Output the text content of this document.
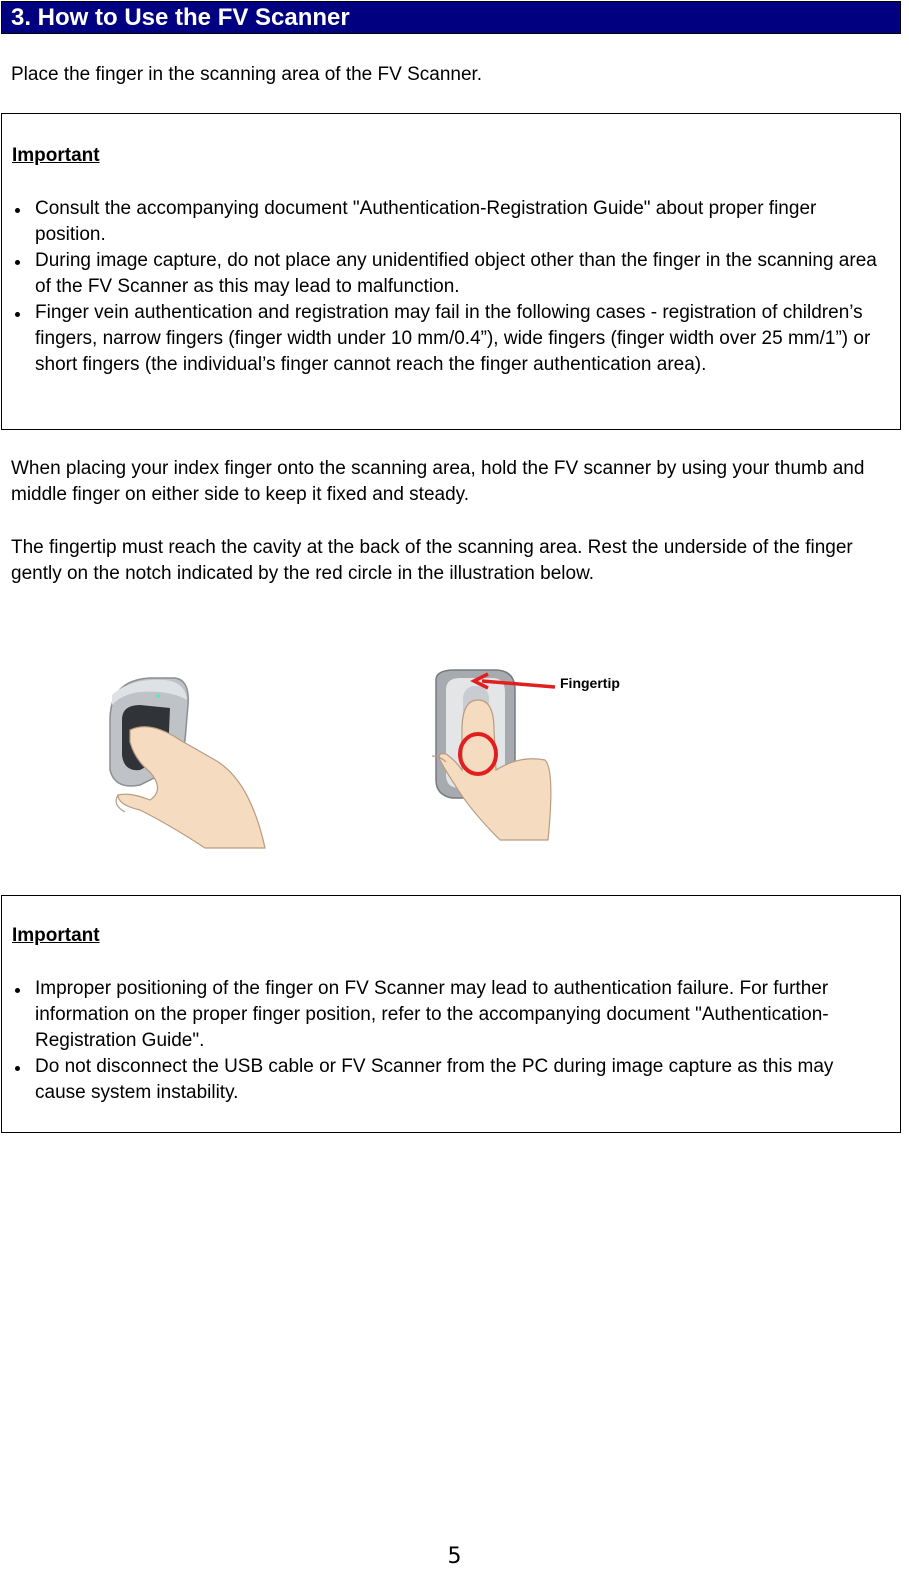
3. How to Use the FV Scanner
Place the finger in the scanning area of the FV Scanner.
Important
Consult the accompanying document "Authentication-Registration Guide" about proper finger position.
During image capture, do not place any unidentified object other than the finger in the scanning area of the FV Scanner as this may lead to malfunction.
Finger vein authentication and registration may fail in the following cases - registration of children’s fingers, narrow fingers (finger width under 10 mm/0.4”), wide fingers (finger width over 25 mm/1”) or short fingers (the individual’s finger cannot reach the finger authentication area).
When placing your index finger onto the scanning area, hold the FV scanner by using your thumb and middle finger on either side to keep it fixed and steady.
The fingertip must reach the cavity at the back of the scanning area. Rest the underside of the finger gently on the notch indicated by the red circle in the illustration below.
Fingertip
Important
Improper positioning of the finger on FV Scanner may lead to authentication failure. For further information on the proper finger position, refer to the accompanying document "Authentication-Registration Guide".
Do not disconnect the USB cable or FV Scanner from the PC during image capture as this may cause system instability.
5
